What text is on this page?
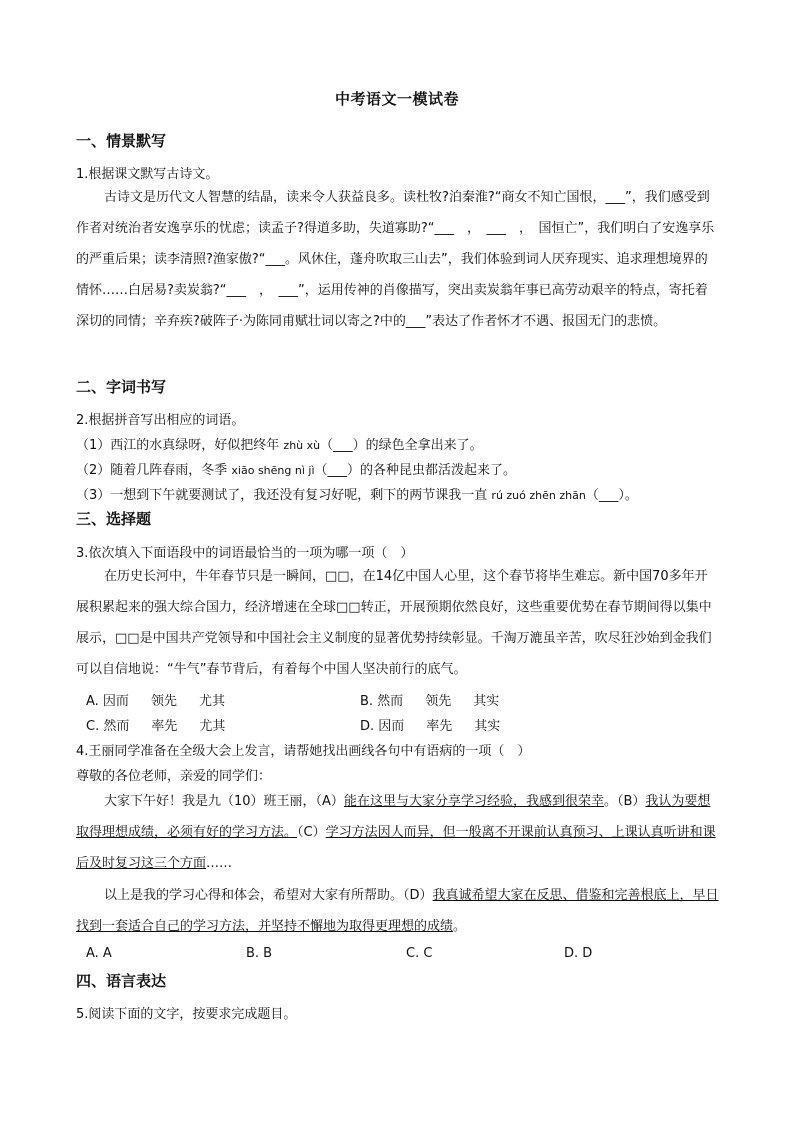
中考语文一模试卷
一、情景默写
1.根据课文默写古诗文。

古诗文是历代文人智慧的结晶，读来令人获益良多。读杜牧?泊秦淮?“商女不知亡国恨，___”，我们感受到作者对统治者安逸享乐的忧虑；读孟子?得道多助，失道寡助?“___　，　___　，　国恒亡”，我们明白了安逸享乐的严重后果；读李清照?渔家傲?“___。风休住，蓬舟吹取三山去”，我们体验到词人厌弃现实、追求理想境界的情怀……白居易?卖炭翁?“___　，　___”，运用传神的肖像描写，突出卖炭翁年事已高劳动艰辛的特点，寄托着深切的同情；辛弃疾?破阵子·为陈同甫赋壮词以寄之?中的___”表达了作者怀才不遇、报国无门的悲愤。

二、字词书写
2.根据拼音写出相应的词语。
（1）西江的水真绿呀，好似把终年 zhù xù（___）的绿色全拿出来了。
（2）随着几阵春雨，冬季 xiāo shēng nì jì（___）的各种昆虫都活泼起来了。
（3）一想到下午就要测试了，我还没有复习好呢，剩下的两节课我一直 rú zuó zhēn zhān（___）。
三、选择题
3.依次填入下面语段中的词语最恰当的一项为哪一项（　）

在历史长河中，牛年春节只是一瞬间，□□，在14亿中国人心里，这个春节将毕生难忘。新中国70多年开展积累起来的强大综合国力，经济增速在全球□□转正，开展预期依然良好，这些重要优势在春节期间得以集中展示，□□是中国共产党领导和中国社会主义制度的显著优势持续彰显。千淘万漉虽辛苦，吹尽狂沙始到金我们可以自信地说：“牛气”春节背后，有着每个中国人坚决前行的底气。

A. 因而 领先 尤其	B. 然而 领先 其实
C. 然而 率先 尤其	D. 因而 率先 其实
4.王丽同学准备在全级大会上发言，请帮她找出画线各句中有语病的一项（　）
尊敬的各位老师，亲爱的同学们：

大家下午好！我是九（10）班王丽，（A）能在这里与大家分享学习经验，我感到很荣幸。（B）我认为要想取得理想成绩，必须有好的学习方法。（C）学习方法因人而异，但一般离不开课前认真预习、上课认真听讲和课后及时复习这三个方面……

以上是我的学习心得和体会，希望对大家有所帮助。（D）我真诚希望大家在反思、借鉴和完善根底上，早日找到一套适合自己的学习方法，并坚持不懈地为取得更理想的成绩。

A. A	B. B	C. C	D. D
四、语言表达
5.阅读下面的文字，按要求完成题目。
